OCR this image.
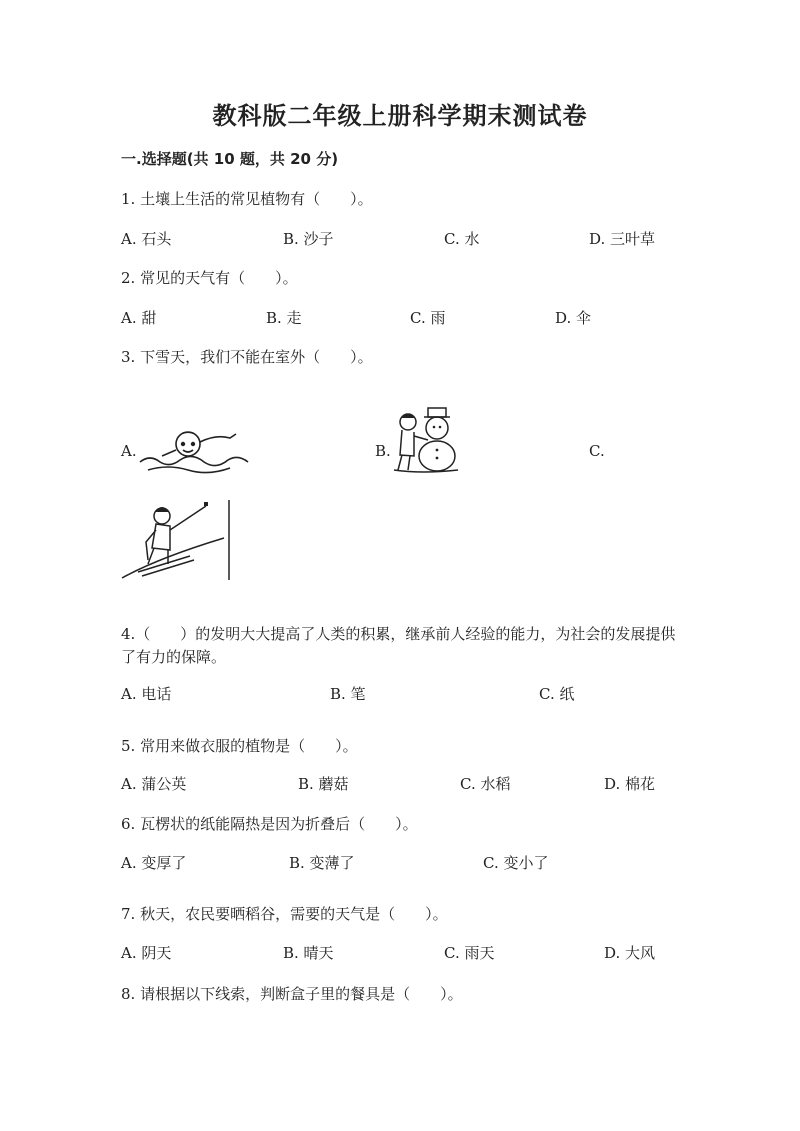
教科版二年级上册科学期末测试卷
一.选择题(共 10 题，共 20 分)
1. 土壤上生活的常见植物有（　　）。
A. 石头	B. 沙子	C. 水	D. 三叶草
2. 常见的天气有（　　）。
A. 甜	B. 走	C. 雨	D. 伞
3. 下雪天，我们不能在室外（　　）。
A.	B.	C.
4.（　　）的发明大大提高了人类的积累，继承前人经验的能力，为社会的发展提供了有力的保障。
A. 电话	B. 笔	C. 纸
5. 常用来做衣服的植物是（　　）。
A. 蒲公英	B. 蘑菇	C. 水稻	D. 棉花
6. 瓦楞状的纸能隔热是因为折叠后（　　）。
A. 变厚了	B. 变薄了	C. 变小了
7. 秋天，农民要晒稻谷，需要的天气是（　　）。
A. 阴天	B. 晴天	C. 雨天	D. 大风
8. 请根据以下线索，判断盒子里的餐具是（　　）。
